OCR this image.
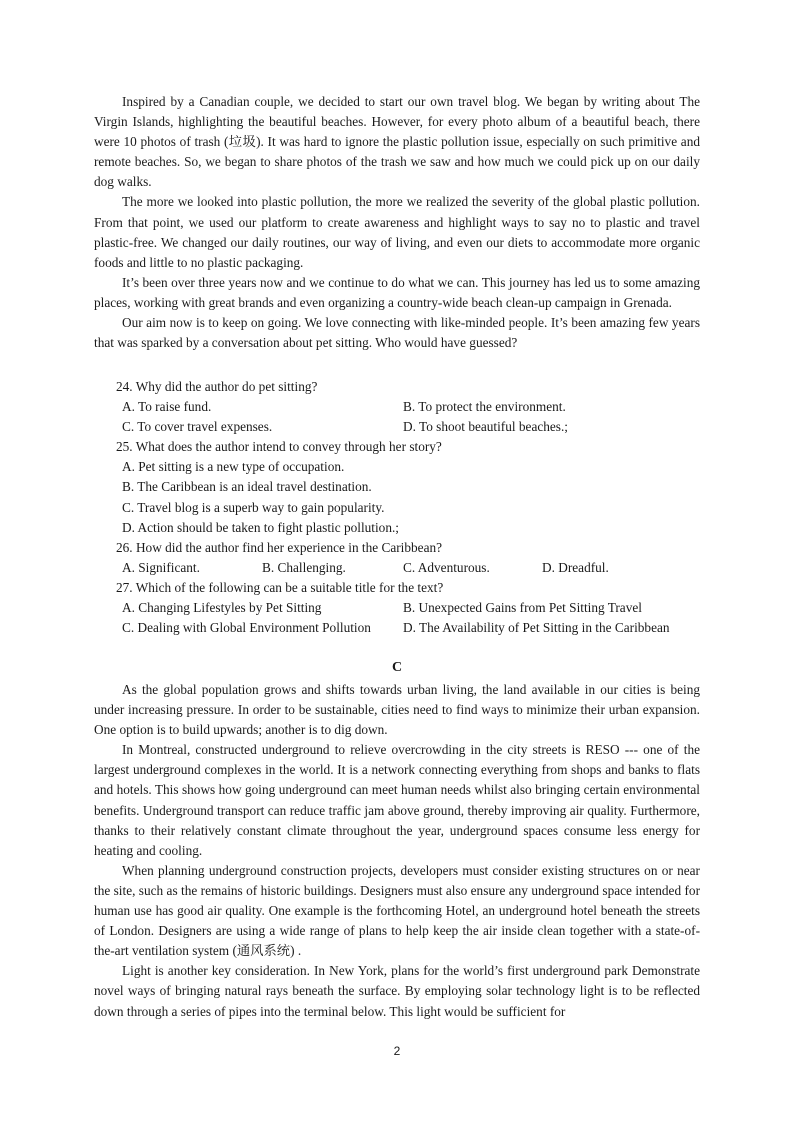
Inspired by a Canadian couple, we decided to start our own travel blog. We began by writing about The Virgin Islands, highlighting the beautiful beaches. However, for every photo album of a beautiful beach, there were 10 photos of trash (垃圾). It was hard to ignore the plastic pollution issue, especially on such primitive and remote beaches. So, we began to share photos of the trash we saw and how much we could pick up on our daily dog walks.

The more we looked into plastic pollution, the more we realized the severity of the global plastic pollution. From that point, we used our platform to create awareness and highlight ways to say no to plastic and travel plastic-free. We changed our daily routines, our way of living, and even our diets to accommodate more organic foods and little to no plastic packaging.

It’s been over three years now and we continue to do what we can. This journey has led us to some amazing places, working with great brands and even organizing a country-wide beach clean-up campaign in Grenada.

Our aim now is to keep on going. We love connecting with like-minded people. It’s been amazing few years that was sparked by a conversation about pet sitting. Who would have guessed?

24. Why did the author do pet sitting?

A. To raise fund.	B. To protect the environment.
C. To cover travel expenses.	D. To shoot beautiful beaches.;

25. What does the author intend to convey through her story?

A. Pet sitting is a new type of occupation.
B. The Caribbean is an ideal travel destination.
C. Travel blog is a superb way to gain popularity.
D. Action should be taken to fight plastic pollution.;

26. How did the author find her experience in the Caribbean?

A. Significant.	B. Challenging.	C. Adventurous.	D. Dreadful.

27. Which of the following can be a suitable title for the text?

A. Changing Lifestyles by Pet Sitting	B. Unexpected Gains from Pet Sitting Travel
C. Dealing with Global Environment Pollution D. The Availability of Pet Sitting in the Caribbean
C

As the global population grows and shifts towards urban living, the land available in our cities is being under increasing pressure. In order to be sustainable, cities need to find ways to minimize their urban expansion. One option is to build upwards; another is to dig down.

In Montreal, constructed underground to relieve overcrowding in the city streets is RESO --- one of the largest underground complexes in the world. It is a network connecting everything from shops and banks to flats and hotels. This shows how going underground can meet human needs whilst also bringing certain environmental benefits. Underground transport can reduce traffic jam above ground, thereby improving air quality. Furthermore, thanks to their relatively constant climate throughout the year, underground spaces consume less energy for heating and cooling.

When planning underground construction projects, developers must consider existing structures on or near the site, such as the remains of historic buildings. Designers must also ensure any underground space intended for human use has good air quality. One example is the forthcoming Hotel, an underground hotel beneath the streets of London. Designers are using a wide range of plans to help keep the air inside clean together with a state-of-the-art ventilation system (通风系统) .

Light is another key consideration. In New York, plans for the world’s first underground park Demonstrate novel ways of bringing natural rays beneath the surface. By employing solar technology light is to be reflected down through a series of pipes into the terminal below. This light would be sufficient for

2
